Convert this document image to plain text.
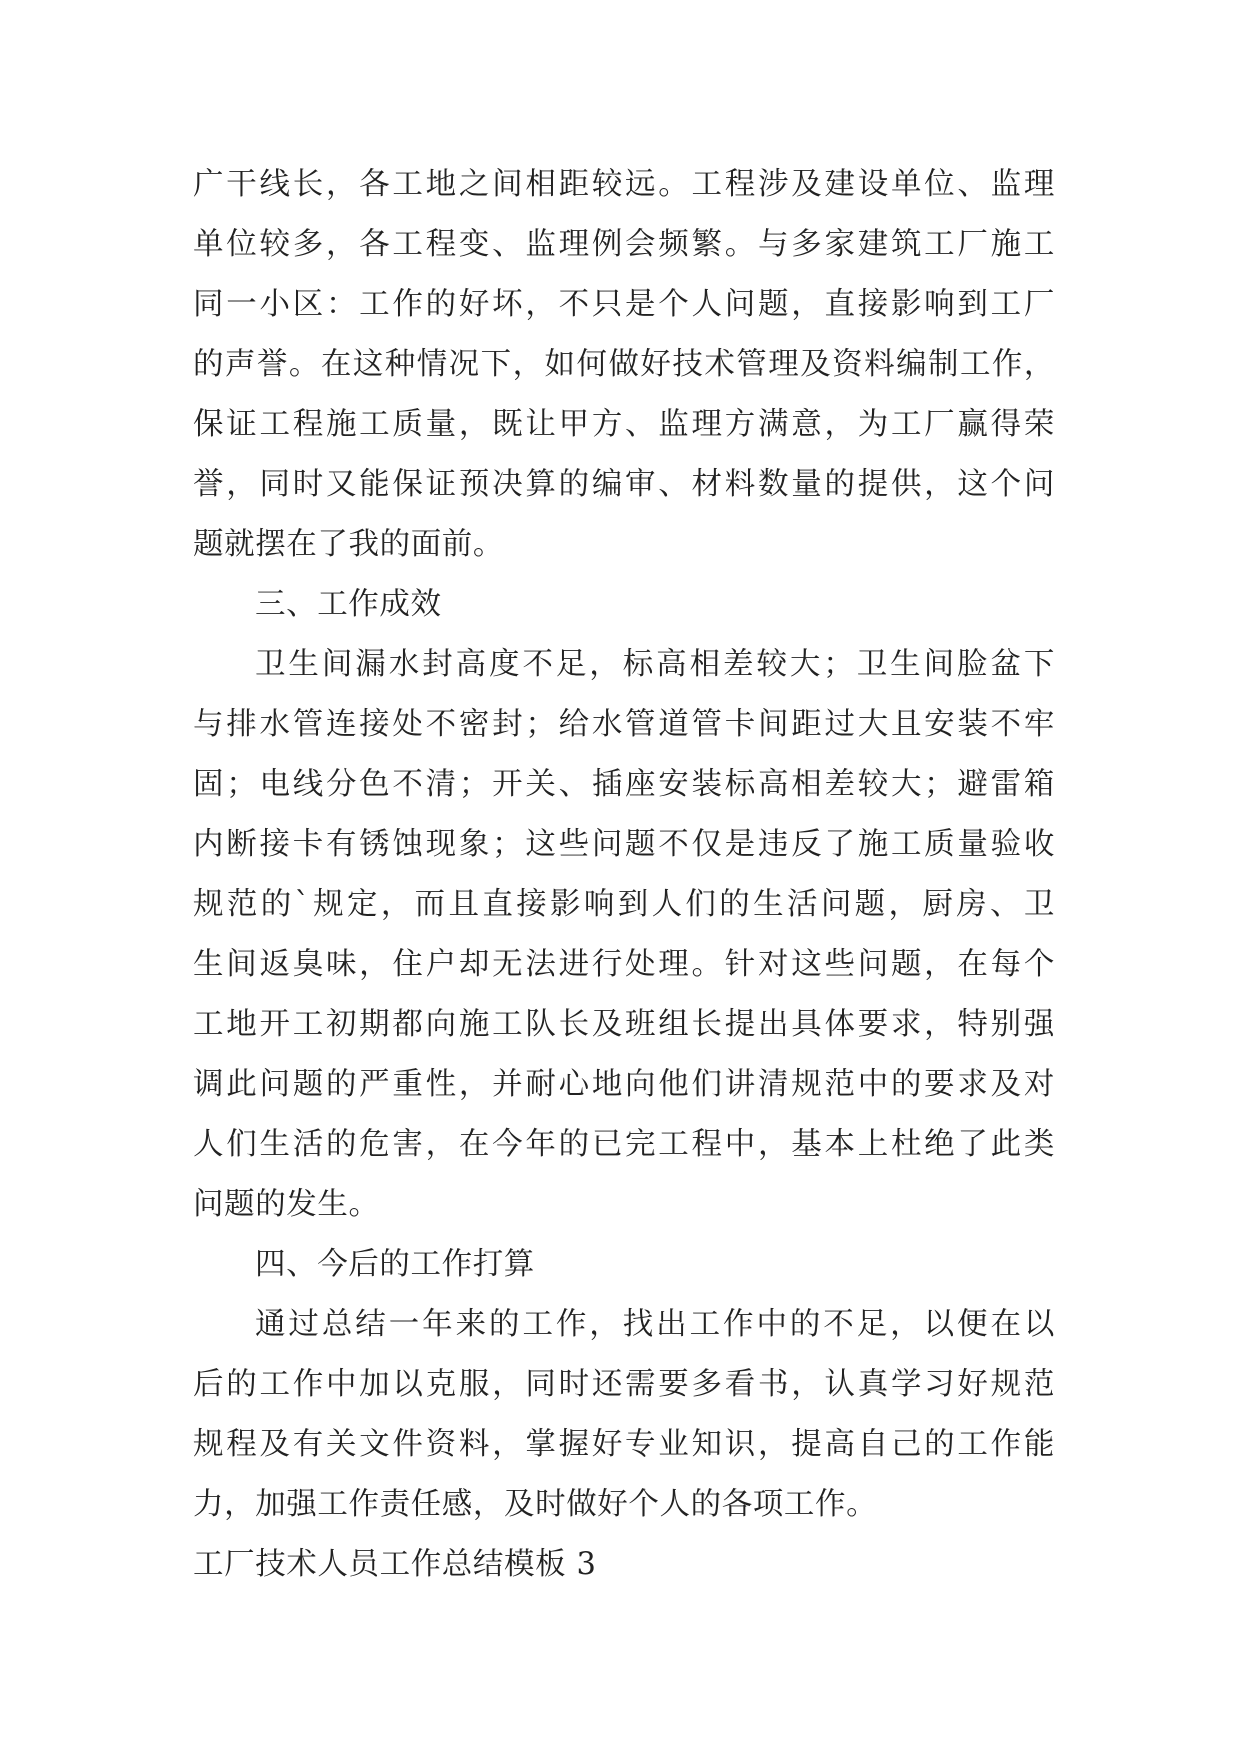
广干线长，各工地之间相距较远。工程涉及建设单位、监理
单位较多，各工程变、监理例会频繁。与多家建筑工厂施工
同一小区：工作的好坏，不只是个人问题，直接影响到工厂
的声誉。在这种情况下，如何做好技术管理及资料编制工作，
保证工程施工质量，既让甲方、监理方满意，为工厂赢得荣
誉，同时又能保证预决算的编审、材料数量的提供，这个问
题就摆在了我的面前。
三、工作成效
卫生间漏水封高度不足，标高相差较大；卫生间脸盆下
与排水管连接处不密封；给水管道管卡间距过大且安装不牢
固；电线分色不清；开关、插座安装标高相差较大；避雷箱
内断接卡有锈蚀现象；这些问题不仅是违反了施工质量验收
规范的`规定，而且直接影响到人们的生活问题，厨房、卫
生间返臭味，住户却无法进行处理。针对这些问题，在每个
工地开工初期都向施工队长及班组长提出具体要求，特别强
调此问题的严重性，并耐心地向他们讲清规范中的要求及对
人们生活的危害，在今年的已完工程中，基本上杜绝了此类
问题的发生。
四、今后的工作打算
通过总结一年来的工作，找出工作中的不足，以便在以
后的工作中加以克服，同时还需要多看书，认真学习好规范
规程及有关文件资料，掌握好专业知识，提高自己的工作能
力，加强工作责任感，及时做好个人的各项工作。
工厂技术人员工作总结模板 3
